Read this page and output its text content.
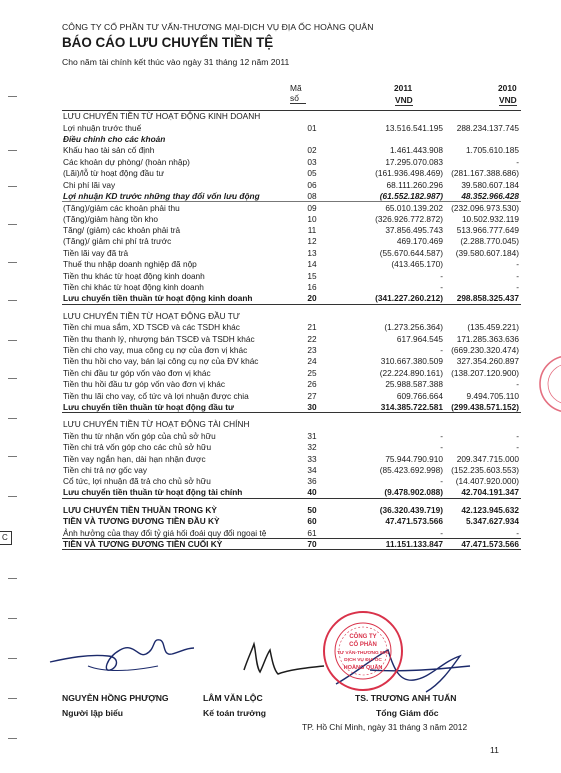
C
CÔNG TY CỔ PHẦN TƯ VẤN-THƯƠNG MẠI-DỊCH VỤ ĐỊA ỐC HOÀNG QUÂN
BÁO CÁO LƯU CHUYỂN TIỀN TỆ
Cho năm tài chính kết thúc vào ngày 31 tháng 12 năm 2011
Mã
số
2011
VND
2010
VND
LƯU CHUYỂN TIỀN TỪ HOẠT ĐỘNG KINH DOANH			
Lợi nhuận trước thuế	01	13.516.541.195	288.234.137.745
Điều chỉnh cho các khoản			
Khấu hao tài sản cố định	02	1.461.443.908	1.705.610.185
Các khoản dự phòng/ (hoàn nhập)	03	17.295.070.083	-
(Lãi)/lỗ từ hoạt động đầu tư	05	(161.936.498.469)	(281.167.388.686)
Chi phí lãi vay	06	68.111.260.296	39.580.607.184
Lợi nhuận KD trước những thay đổi vốn lưu động	08	(61.552.182.987)	48.352.966.428
(Tăng)/giảm các khoản phải thu	09	65.010.139.202	(232.096.973.530)
(Tăng)/giảm hàng tồn kho	10	(326.926.772.872)	10.502.932.119
Tăng/ (giảm) các khoản phải trả	11	37.856.495.743	513.966.777.649
(Tăng)/ giảm chi phí trả trước	12	469.170.469	(2.288.770.045)
Tiền lãi vay đã trả	13	(55.670.644.587)	(39.580.607.184)
Thuế thu nhập doanh nghiệp đã nộp	14	(413.465.170)	-
Tiền thu khác từ hoạt động kinh doanh	15	-	-
Tiền chi khác từ hoạt động kinh doanh	16	-	-
Lưu chuyển tiền thuần từ hoạt động kinh doanh	20	(341.227.260.212)	298.858.325.437

LƯU CHUYỂN TIỀN TỪ HOẠT ĐỘNG ĐẦU TƯ			
Tiền chi mua sắm, XD TSCĐ và các TSDH khác	21	(1.273.256.364)	(135.459.221)
Tiền thu thanh lý, nhượng bán TSCĐ và TSDH khác	22	617.964.545	171.285.363.636
Tiền chi cho vay, mua công cụ nợ của đơn vị khác	23	-	(669.230.320.474)
Tiền thu hồi cho vay, bán lại công cụ nợ của ĐV khác	24	310.667.380.509	327.354.260.897
Tiền chi đầu tư góp vốn vào đơn vị khác	25	(22.224.890.161)	(138.207.120.900)
Tiền thu hồi đầu tư góp vốn vào đơn vị khác	26	25.988.587.388	-
Tiền thu lãi cho vay, cổ tức và lợi nhuận được chia	27	609.766.664	9.494.705.110
Lưu chuyển tiền thuần từ hoạt động đầu tư	30	314.385.722.581	(299.438.571.152)

LƯU CHUYỂN TIỀN TỪ HOẠT ĐỘNG TÀI CHÍNH			
Tiền thu từ nhận vốn góp của chủ sở hữu	31	-	-
Tiền chi trả vốn góp cho các chủ sở hữu	32	-	-
Tiền vay ngắn hạn, dài hạn nhận được	33	75.944.790.910	209.347.715.000
Tiền chi trả nợ gốc vay	34	(85.423.692.998)	(152.235.603.553)
Cổ tức, lợi nhuận đã trả cho chủ sở hữu	36	-	(14.407.920.000)
Lưu chuyển tiền thuần từ hoạt động tài chính	40	(9.478.902.088)	42.704.191.347

LƯU CHUYỂN TIỀN THUẦN TRONG KỲ	50	(36.320.439.719)	42.123.945.632
TIỀN VÀ TƯƠNG ĐƯƠNG TIỀN ĐẦU KỲ	60	47.471.573.566	5.347.627.934
Ảnh hưởng của thay đổi tỷ giá hối đoái quy đổi ngoại tệ	61	-	-
TIỀN VÀ TƯƠNG ĐƯƠNG TIỀN CUỐI KỲ	70	11.151.133.847	47.471.573.566
CÔNG TY
CỔ PHẦN
TƯ VẤN-THƯƠNG MẠI
DỊCH VỤ ĐỊA ỐC
HOÀNG QUÂN
NGUYỄN HỒNG PHƯỢNG
Người lập biểu
LÂM VĂN LỘC
Kế toán trưởng
TS. TRƯƠNG ANH TUẤN
Tổng Giám đốc
TP. Hồ Chí Minh, ngày 31 tháng 3 năm 2012
11
